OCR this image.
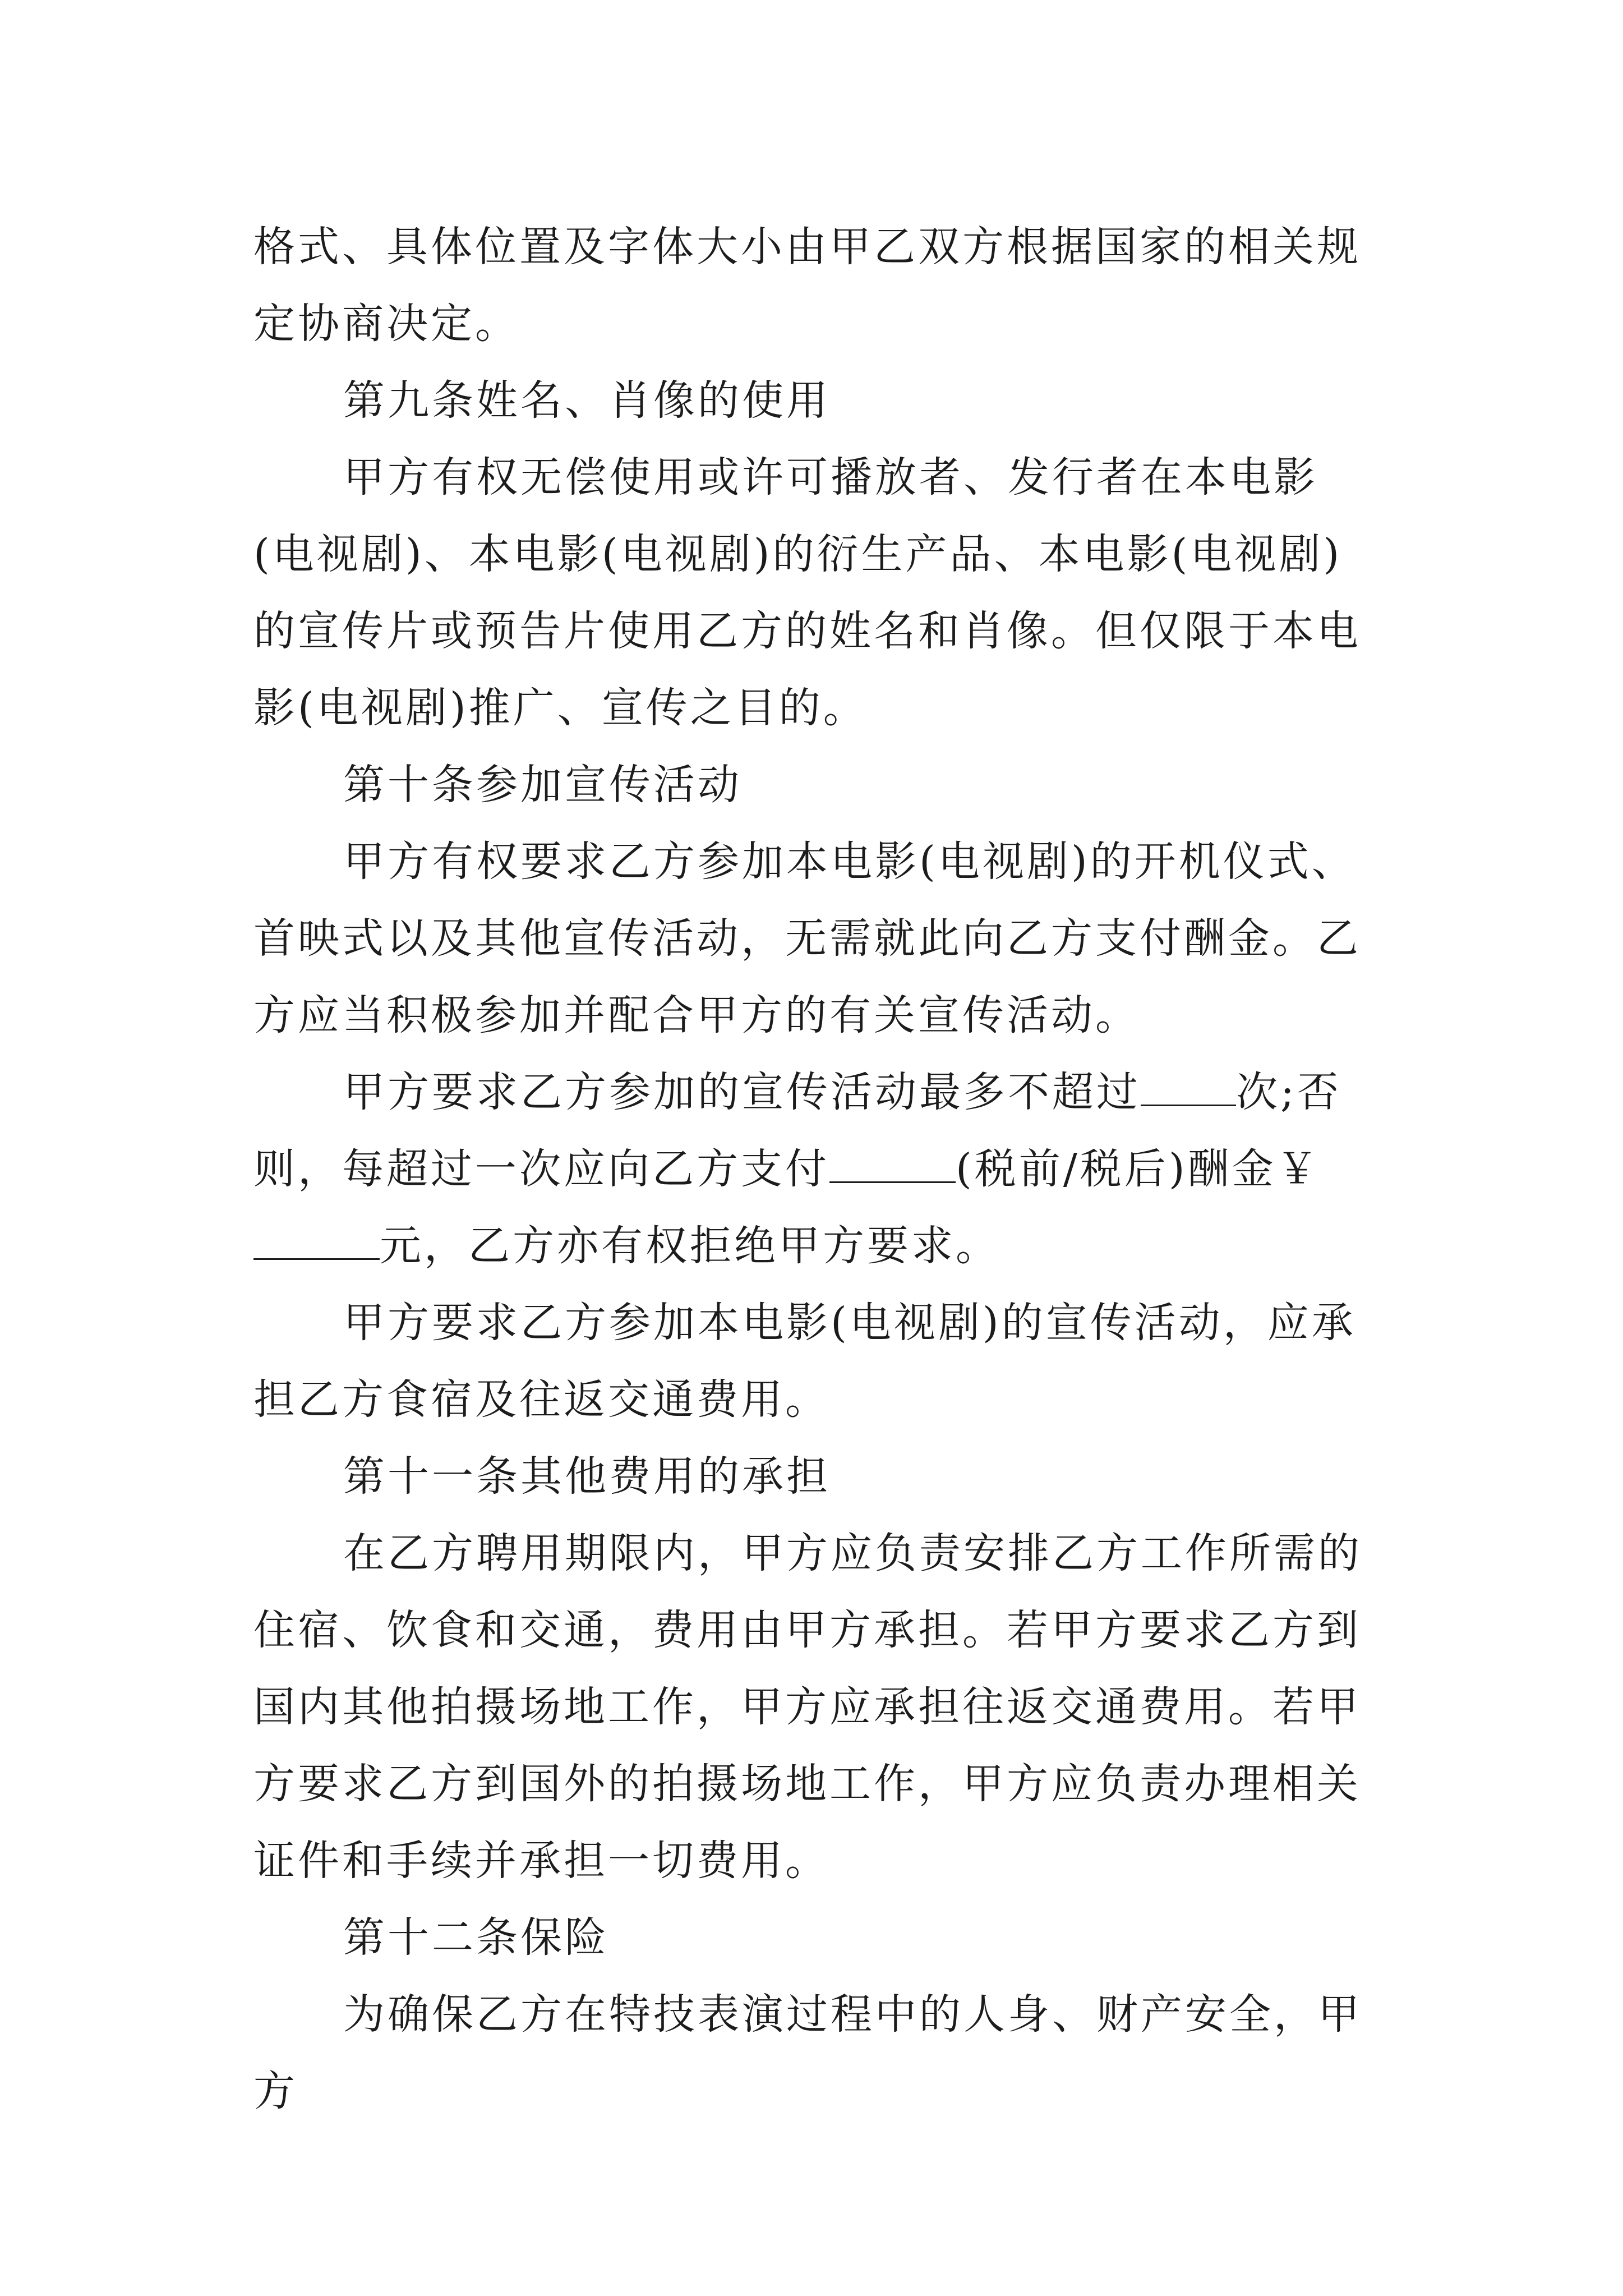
格式、具体位置及字体大小由甲乙双方根据国家的相关规定协商决定。

第九条姓名、肖像的使用

甲方有权无偿使用或许可播放者、发行者在本电影(电视剧)、本电影(电视剧)的衍生产品、本电影(电视剧)的宣传片或预告片使用乙方的姓名和肖像。但仅限于本电影(电视剧)推广、宣传之目的。

第十条参加宣传活动

甲方有权要求乙方参加本电影(电视剧)的开机仪式、首映式以及其他宣传活动，无需就此向乙方支付酬金。乙方应当积极参加并配合甲方的有关宣传活动。

甲方要求乙方参加的宣传活动最多不超过 次;否则，每超过一次应向乙方支付	(税前/税后)酬金￥元，乙方亦有权拒绝甲方要求。

甲方要求乙方参加本电影(电视剧)的宣传活动，应承担乙方食宿及往返交通费用。

第十一条其他费用的承担

在乙方聘用期限内，甲方应负责安排乙方工作所需的住宿、饮食和交通，费用由甲方承担。若甲方要求乙方到国内其他拍摄场地工作，甲方应承担往返交通费用。若甲方要求乙方到国外的拍摄场地工作，甲方应负责办理相关证件和手续并承担一切费用。

第十二条保险

为确保乙方在特技表演过程中的人身、财产安全，甲方
